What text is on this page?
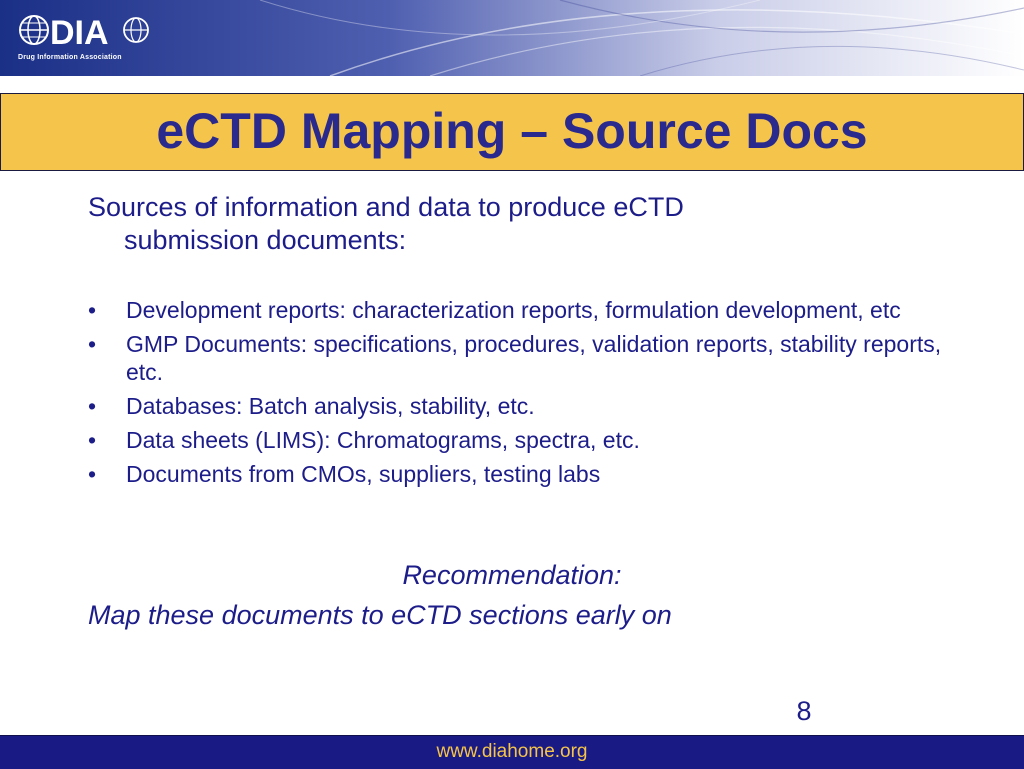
DIA
Drug Information Association
eCTD Mapping – Source Docs
Sources of information and data to produce eCTD
submission documents:
• Development reports: characterization reports, formulation development, etc
• GMP Documents: specifications, procedures, validation reports, stability reports, etc.
• Databases: Batch analysis, stability, etc.
• Data sheets (LIMS): Chromatograms, spectra, etc.
• Documents from CMOs, suppliers, testing labs
Recommendation:
Map these documents to eCTD sections early on
8
www.diahome.org
